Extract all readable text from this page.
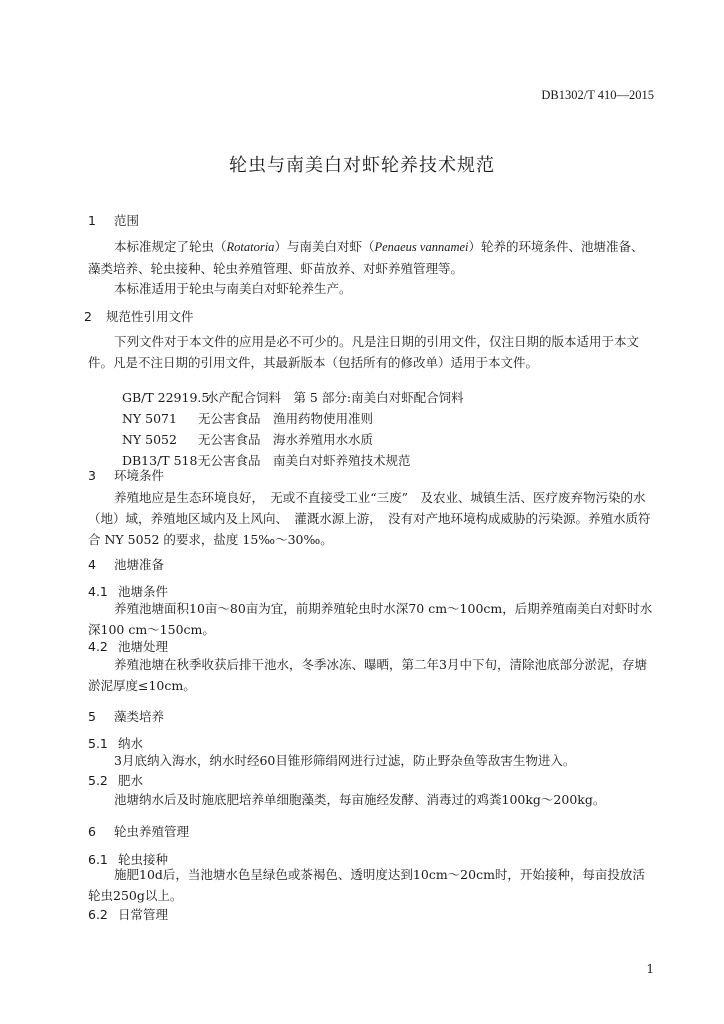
DB1302/T 410—2015
轮虫与南美白对虾轮养技术规范
1 范围
本标准规定了轮虫（Rotatoria）与南美白对虾（Penaeus vannamei）轮养的环境条件、池塘准备、藻类培养、轮虫接种、轮虫养殖管理、虾苗放养、对虾养殖管理等。
本标准适用于轮虫与南美白对虾轮养生产。
2 规范性引用文件
下列文件对于本文件的应用是必不可少的。凡是注日期的引用文件，仅注日期的版本适用于本文件。凡是不注日期的引用文件，其最新版本（包括所有的修改单）适用于本文件。

GB/T 22919.5水产配合饲料　第 5 部分:南美白对虾配合饲料

NY 5071 无公害食品　渔用药物使用准则

NY 5052 无公害食品　海水养殖用水水质

DB13/T 518无公害食品　南美白对虾养殖技术规范

3 环境条件
养殖地应是生态环境良好，　无或不直接受工业“三废”　及农业、城镇生活、医疗废弃物污染的水（地）域，养殖地区域内及上风向、　灌溉水源上游，　没有对产地环境构成威胁的污染源。养殖水质符合 NY 5052 的要求，盐度 15‰～30‰。
4 池塘准备
4.1 池塘条件
养殖池塘面积10亩～80亩为宜，前期养殖轮虫时水深70 cm～100cm，后期养殖南美白对虾时水深100 cm～150cm。
4.2 池塘处理
养殖池塘在秋季收获后排干池水，冬季冰冻、曝晒，第二年3月中下旬，清除池底部分淤泥，存塘淤泥厚度≤10cm。
5 藻类培养
5.1 纳水
3月底纳入海水，纳水时经60目锥形筛绢网进行过滤，防止野杂鱼等敌害生物进入。
5.2 肥水
池塘纳水后及时施底肥培养单细胞藻类，每亩施经发酵、消毒过的鸡粪100kg～200kg。
6 轮虫养殖管理
6.1 轮虫接种
施肥10d后，当池塘水色呈绿色或茶褐色、透明度达到10cm～20cm时，开始接种，每亩投放活轮虫250g以上。
6.2 日常管理
1
